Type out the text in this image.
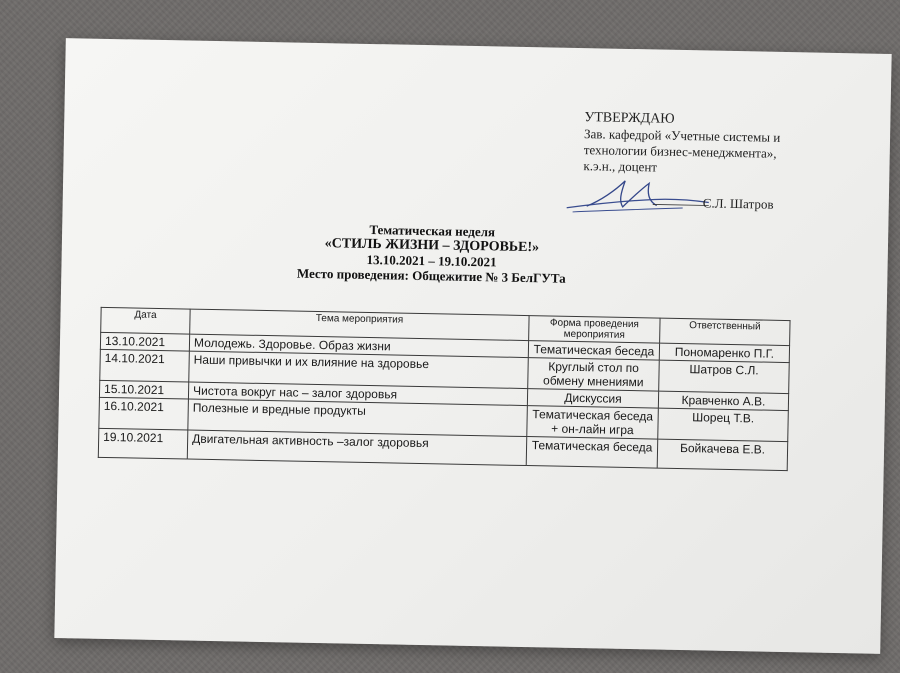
УТВЕРЖДАЮ
Зав. кафедрой «Учетные системы и
технологии бизнес-менеджмента»,
к.э.н., доцент
С.Л. Шатров
Тематическая неделя
«СТИЛЬ ЖИЗНИ – ЗДОРОВЬЕ!»
13.10.2021 – 19.10.2021
Место проведения: Общежитие № 3 БелГУТа
Дата	Тема мероприятия	Форма проведения мероприятия	Ответственный
13.10.2021	Молодежь. Здоровье. Образ жизни	Тематическая беседа	Пономаренко П.Г.
14.10.2021	Наши привычки и их влияние на здоровье	Круглый стол по обмену мнениями	Шатров С.Л.
15.10.2021	Чистота вокруг нас – залог здоровья	Дискуссия	Кравченко А.В.
16.10.2021	Полезные и вредные продукты	Тематическая беседа + он-лайн игра	Шорец Т.В.
19.10.2021	Двигательная активность –залог здоровья	Тематическая беседа	Бойкачева Е.В.
